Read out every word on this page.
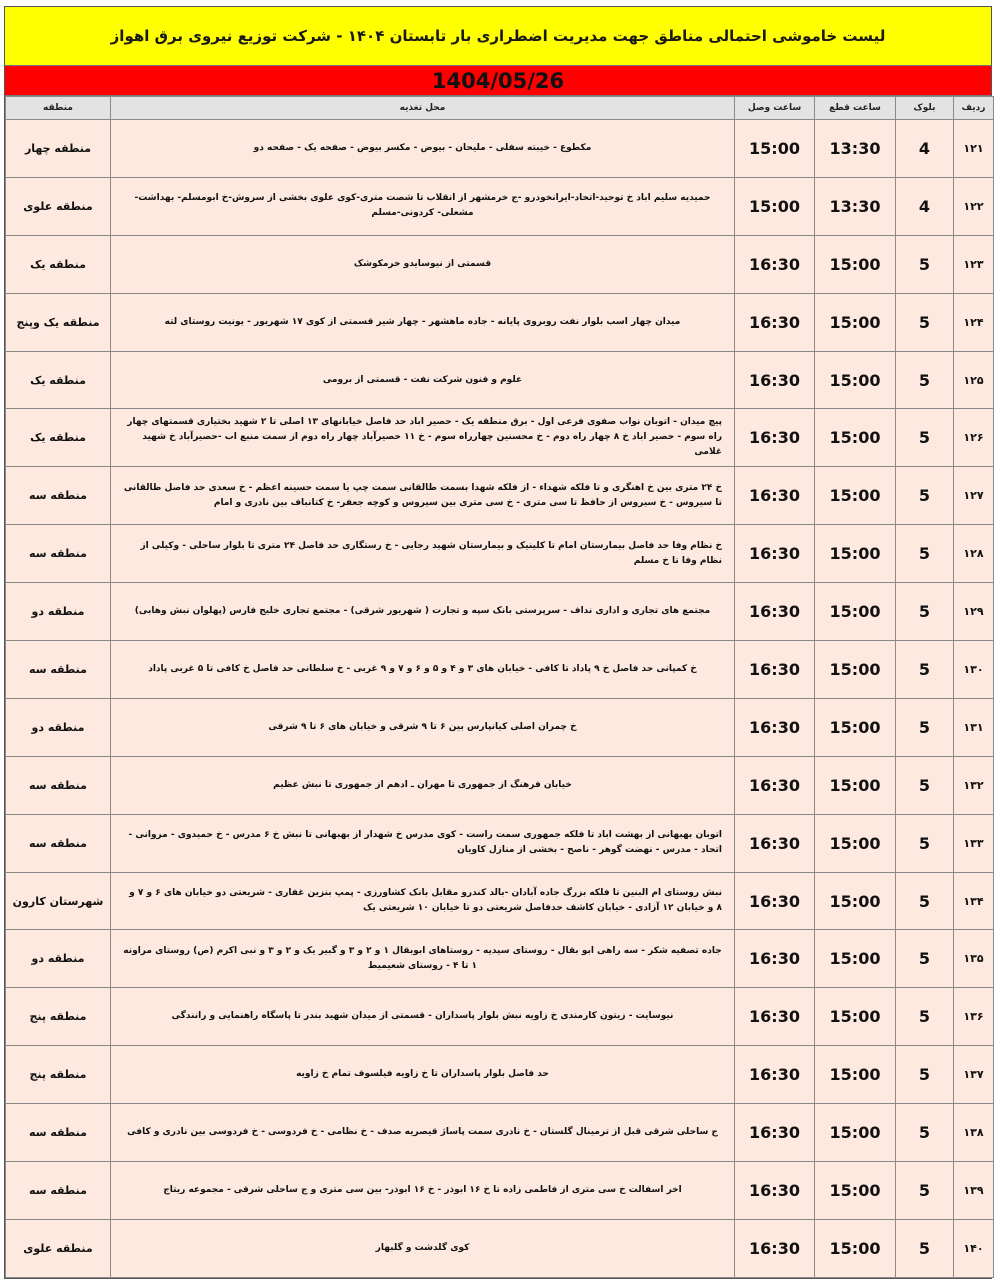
لیست خاموشی احتمالی مناطق جهت مدیریت اضطراری بار تابستان ۱۴۰۴ - شرکت توزیع نیروی برق اهواز
1404/05/26
ردیف	بلوک	ساعت قطع	ساعت وصل	محل تغذیه	منطقه
۱۲۱	4	13:30	15:00	مکطوع - خیبته سفلی - ملیحان - بیوض - مکسر بیوض - صفحه یک - صفحه دو	منطقه چهار
۱۲۲	4	13:30	15:00	حمیدیه سلیم اباد خ توحید-اتحاد-ایرانخودرو -ج خرمشهر از انقلاب تا شصت متری-کوی علوی بخشی از سروش-خ ابومسلم- بهداشت- مشعلی- کردونی-مسلم	منطقه علوی
۱۲۳	5	15:00	16:30	قسمتی از نیوسایدو خرمکوشک	منطقه یک
۱۲۴	5	15:00	16:30	میدان چهار اسب بلوار نفت روبروی پایانه - جاده ماهشهر - چهار شیر قسمتی از کوی ۱۷ شهریور - یونیت روستای لته	منطقه یک وپنج
۱۲۵	5	15:00	16:30	علوم و فنون شرکت نفت - قسمتی از برومی	منطقه یک
۱۲۶	5	15:00	16:30	پیچ میدان - اتوبان نواب صفوی فرعی اول - برق منطقه یک - حصیر اباد حد فاصل خیابانهای ۱۳ اصلی تا ۲ شهید بختیاری قسمتهای چهار راه سوم - حصیر اباد خ ۸ چهار راه دوم - خ محسنین چهارراه سوم - خ ۱۱ حصیرآباد چهار راه دوم از سمت منبع اب -حصیرآباد خ شهید غلامی	منطقه یک
۱۲۷	5	15:00	16:30	خ ۲۴ متری بین خ اهنگری و تا فلکه شهداء - از فلکه شهدا بسمت طالقانی سمت چپ یا سمت حسینه اعظم - خ سعدی حد فاصل طالقانی تا سیروس - خ سیروس از حافظ تا سی متری - خ سی متری بین سیروس و کوچه جعفر- خ کتانباف بین نادری و امام	منطقه سه
۱۲۸	5	15:00	16:30	خ نظام وفا حد فاصل بیمارستان امام تا کلینیک و بیمارستان شهید رجایی - خ رستگاری حد فاصل ۲۴ متری تا بلوار ساحلی - وکیلی از نظام وفا تا خ مسلم	منطقه سه
۱۲۹	5	15:00	16:30	مجتمع های تجاری و اداری نداف - سرپرستی بانک سپه و تجارت ( شهریور شرقی) - مجتمع تجاری خلیج فارس (پهلوان نبش وهابی)	منطقه دو
۱۳۰	5	15:00	16:30	خ کمپانی حد فاصل خ ۹ پاداد تا کافی - خیابان های ۳ و ۴ و ۵ و ۶ و ۷ و ۹ غربی - خ سلطانی حد فاصل خ کافی تا ۵ غربی پاداد	منطقه سه
۱۳۱	5	15:00	16:30	خ چمران اصلی کیانپارس بین ۶ تا ۹ شرقی و خیابان های ۶ تا ۹ شرقی	منطقه دو
۱۳۲	5	15:00	16:30	خیابان فرهنگ از جمهوری تا مهران ـ ادهم از جمهوری تا نبش عظیم	منطقه سه
۱۳۳	5	15:00	16:30	اتوبان بهبهانی از بهشت اباد تا فلکه جمهوری سمت راست - کوی مدرس خ شهدار از بهبهانی تا نبش خ ۶ مدرس - خ حمیدوی - مروانی - اتحاد - مدرس - نهضت گوهر - ناصح - بخشی از منازل کاویان	منطقه سه
۱۳۴	5	15:00	16:30	نبش روستای ام البنین تا فلکه بزرگ جاده آبادان -بالد کندرو مقابل بانک کشاورزی - پمپ بنزین غفاری - شریعتی دو خیابان های ۶ و ۷ و ۸ و خیابان ۱۲ آزادی - خیابان کاشف حدفاصل شریعتی دو تا خیابان ۱۰ شریعتی یک	شهرستان کارون
۱۳۵	5	15:00	16:30	جاده تصفیه شکر - سه راهی ابو بقال - روستای سیدیه - روستاهای ابوبقال ۱ و ۲ و ۳ و گبیر یک و ۲ و ۳ و نبی اکرم (ص) روستای مراونه ۱ تا ۴ - روستای شعیمیط	منطقه دو
۱۳۶	5	15:00	16:30	نیوسایت - زیتون کارمندی خ زاویه نبش بلوار پاسداران - قسمتی از میدان شهید بندر تا پاسگاه راهنمایی و رانندگی	منطقه پنج
۱۳۷	5	15:00	16:30	حد فاصل بلوار پاسداران تا خ زاویه فیلسوف تمام خ زاویه	منطقه پنج
۱۳۸	5	15:00	16:30	ج ساحلی شرقی قبل از ترمینال گلستان - خ نادری سمت پاساژ قیصریه صدف - خ نظامی - خ فردوسی - خ فردوسی بین نادری و کافی	منطقه سه
۱۳۹	5	15:00	16:30	اخر اسفالت خ سی متری از فاطمی زاده تا خ ۱۶ ابوذر - خ ۱۶ ابوذر- بین سی متری و ج ساحلی شرقی - مجموعه ریتاج	منطقه سه
۱۴۰	5	15:00	16:30	کوی گلدشت و گلبهار	منطقه علوی
